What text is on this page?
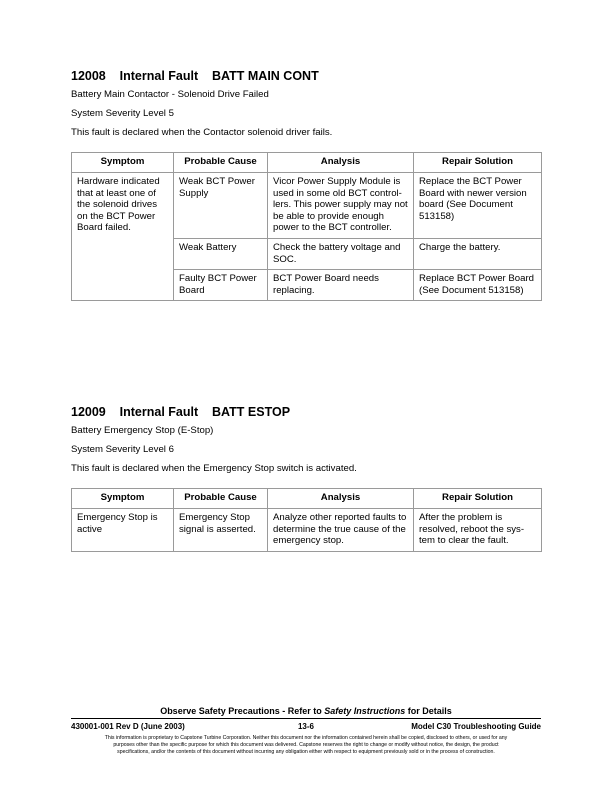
12008    Internal Fault    BATT MAIN CONT

Battery Main Contactor - Solenoid Drive Failed

System Severity Level 5

This fault is declared when the Contactor solenoid driver fails.

Symptom	Probable Cause	Analysis	Repair Solution
Hardware indicated that at least one of the solenoid drives on the BCT Power Board failed.	Weak BCT Power Supply	Vicor Power Supply Module is used in some old BCT control- lers. This power supply may not be able to provide enough power to the BCT controller.	Replace the BCT Power Board with newer version board (See Document 513158)
	Weak Battery	Check the battery voltage and SOC.	Charge the battery.
	Faulty BCT Power Board	BCT Power Board needs replacing.	Replace BCT Power Board (See Document 513158)
12009    Internal Fault    BATT ESTOP

Battery Emergency Stop (E-Stop)

System Severity Level 6

This fault is declared when the Emergency Stop switch is activated.

Symptom	Probable Cause	Analysis	Repair Solution
Emergency Stop is active	Emergency Stop signal is asserted.	Analyze other reported faults to determine the true cause of the emergency stop.	After the problem is resolved, reboot the sys- tem to clear the fault.
Observe Safety Precautions - Refer to Safety Instructions for Details
430001-001 Rev D (June 2003)	13-6	Model C30 Troubleshooting Guide
This information is proprietary to Capstone Turbine Corporation. Neither this document nor the information contained herein shall be copied, disclosed to others, or used for any
purposes other than the specific purpose for which this document was delivered. Capstone reserves the right to change or modify without notice, the design, the product
specifications, and/or the contents of this document without incurring any obligation either with respect to equipment previously sold or in the process of construction.
